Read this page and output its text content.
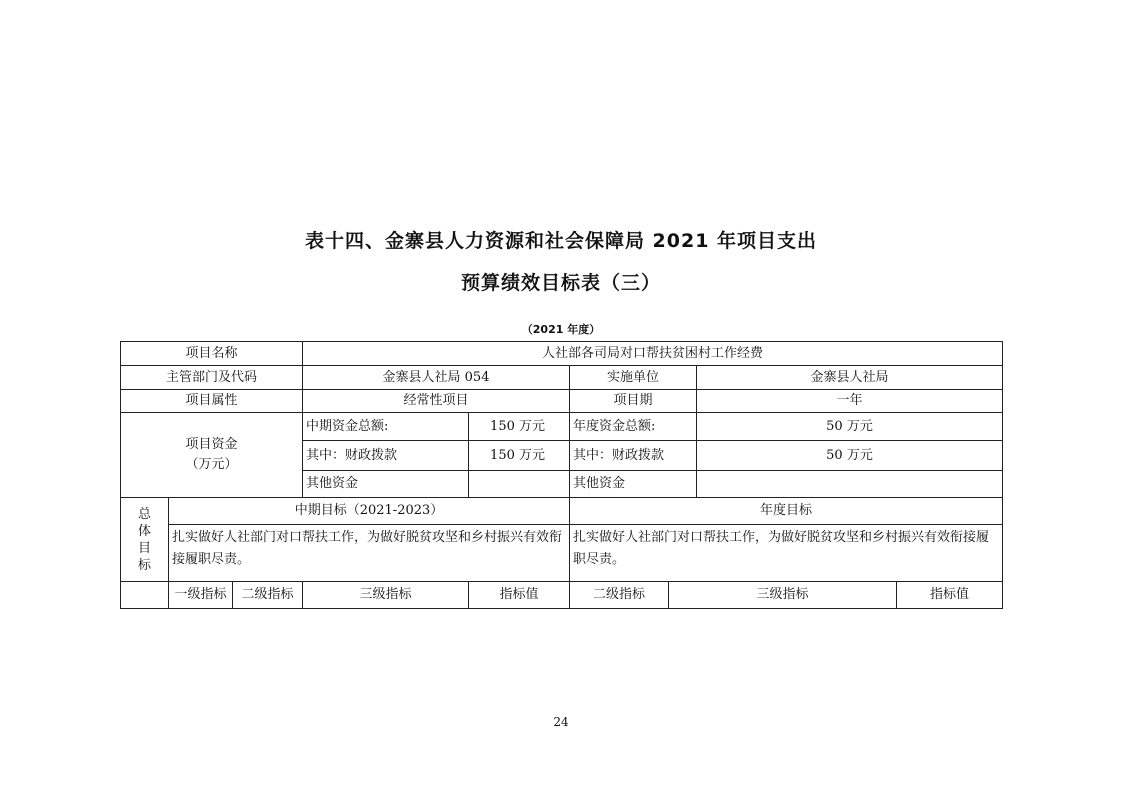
表十四、金寨县人力资源和社会保障局 2021 年项目支出
预算绩效目标表（三）
（2021 年度）
项目名称			人社部各司局对口帮扶贫困村工作经费					
主管部门及代码			金寨县人社局 054		实施单位		金寨县人社局	
项目属性			经常性项目		项目期		一年	

项目资金
（万元）			中期资金总额:	150 万元	年度资金总额:		50 万元	
			其中：财政拨款	150 万元	其中：财政拨款		50 万元	
			其他资金		其他资金			

总
体
目
标	中期目标（2021-2023）				年度目标			
	扎实做好人社部门对口帮扶工作，为做好脱贫攻坚和乡村振兴有效衔接履职尽责。				扎实做好人社部门对口帮扶工作，为做好脱贫攻坚和乡村振兴有效衔接履职尽责。			
	一级指标	二级指标	三级指标	指标值	二级指标	三级指标		指标值
24
